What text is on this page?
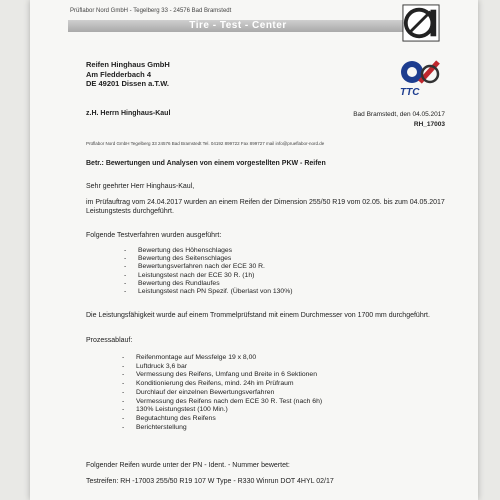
Prüflabor Nord GmbH - Tegelberg 33 - 24576 Bad Bramstedt
Tire - Test - Center
TTC
Reifen Hinghaus GmbH
Am Fledderbach 4
DE 49201 Dissen a.T.W.
z.H. Herrn Hinghaus-Kaul	Bad Bramstedt, den 04.05.2017
RH_17003
Prüflabor Nord GmbH Tegelberg 33 24576 Bad Bramstedt Tel. 04192 899722 Fax 899727 mail info@prueflabor-nord.de
Betr.: Bewertungen und Analysen von einem vorgestellten PKW - Reifen
Sehr geehrter Herr Hinghaus-Kaul,
im Prüfauftrag vom 24.04.2017 wurden an einem Reifen der Dimension 255/50 R19 vom 02.05. bis zum 04.05.2017 Leistungstests durchgeführt.
Folgende Testverfahren wurden ausgeführt:
- Bewertung des Höhenschlages
- Bewertung des Seitenschlages
- Bewertungsverfahren nach der ECE 30 R.
- Leistungstest nach der ECE 30 R. (1h)
- Bewertung des Rundlaufes
- Leistungstest nach PN Spezif. (Überlast von 130%)
Die Leistungsfähigkeit wurde auf einem Trommelprüfstand mit einem Durchmesser von 1700 mm durchgeführt.
Prozessablauf:
- Reifenmontage auf Messfelge 19 x 8,00
- Luftdruck 3,6 bar
- Vermessung des Reifens, Umfang und Breite in 6 Sektionen
- Konditionierung des Reifens, mind. 24h im Prüfraum
- Durchlauf der einzelnen Bewertungsverfahren
- Vermessung des Reifens nach dem ECE 30 R. Test (nach 6h)
- 130% Leistungstest (100 Min.)
- Begutachtung des Reifens
- Berichterstellung
Folgender Reifen wurde unter der PN - Ident. - Nummer bewertet:
Testreifen: RH -17003 255/50 R19 107 W Type - R330 Winrun DOT 4HYL 02/17
